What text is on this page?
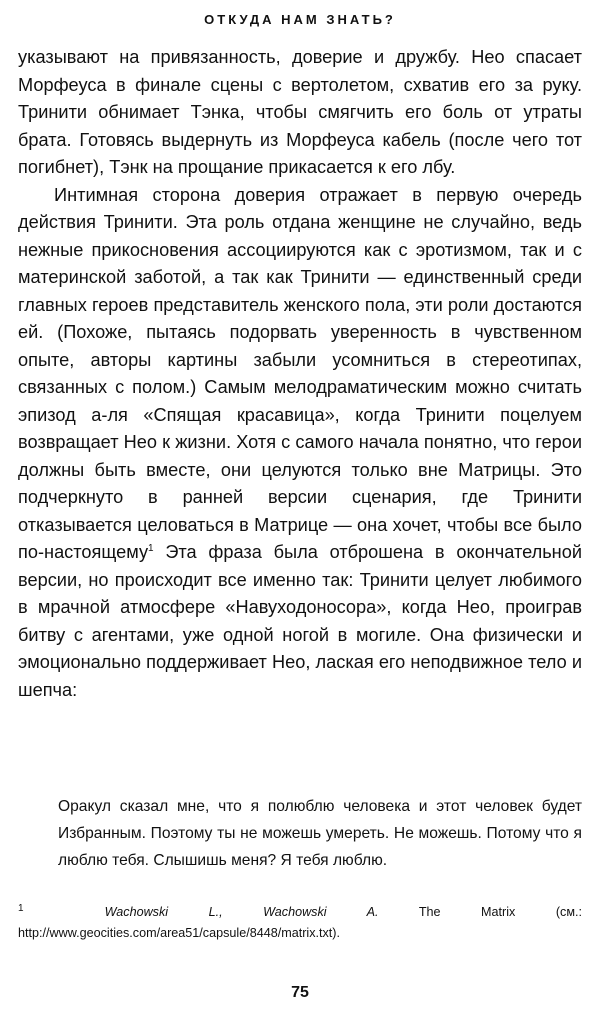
ОТКУДА НАМ ЗНАТЬ?

указывают на привязанность, доверие и дружбу. Нео спасает Морфеуса в финале сцены с вертолетом, схватив его за руку. Тринити обнимает Тэнка, чтобы смягчить его боль от утраты брата. Готовясь выдернуть из Морфеуса кабель (после чего тот погибнет), Тэнк на прощание прикасается к его лбу.

Интимная сторона доверия отражает в первую очередь действия Тринити. Эта роль отдана женщине не случайно, ведь нежные прикосновения ассоциируются как с эротизмом, так и с материнской заботой, а так как Тринити — единственный среди главных героев представитель женского пола, эти роли достаются ей. (Похоже, пытаясь подорвать уверенность в чувственном опыте, авторы картины забыли усомниться в стереотипах, связанных с полом.) Самым мелодраматическим можно считать эпизод а-ля «Спящая красавица», когда Тринити поцелуем возвращает Нео к жизни. Хотя с самого начала понятно, что герои должны быть вместе, они целуются только вне Матрицы. Это подчеркнуто в ранней версии сценария, где Тринити отказывается целоваться в Матрице — она хочет, чтобы все было по-настоящему$^1$ Эта фраза была отброшена в окончательной версии, но происходит все именно так: Тринити целует любимого в мрачной атмосфере «Навуходоносора», когда Нео, проиграв битву с агентами, уже одной ногой в могиле. Она физически и эмоционально поддерживает Нео, лаская его неподвижное тело и шепча:

Оракул сказал мне, что я полюблю человека и этот человек будет Избранным. Поэтому ты не можешь умереть. Не можешь. Потому что я люблю тебя. Слышишь меня? Я тебя люблю.

$^1$	Wachowski L., Wachowski A. The Matrix (см.: http://www.geocities.com/area51/capsule/8448/matrix.txt).

75
